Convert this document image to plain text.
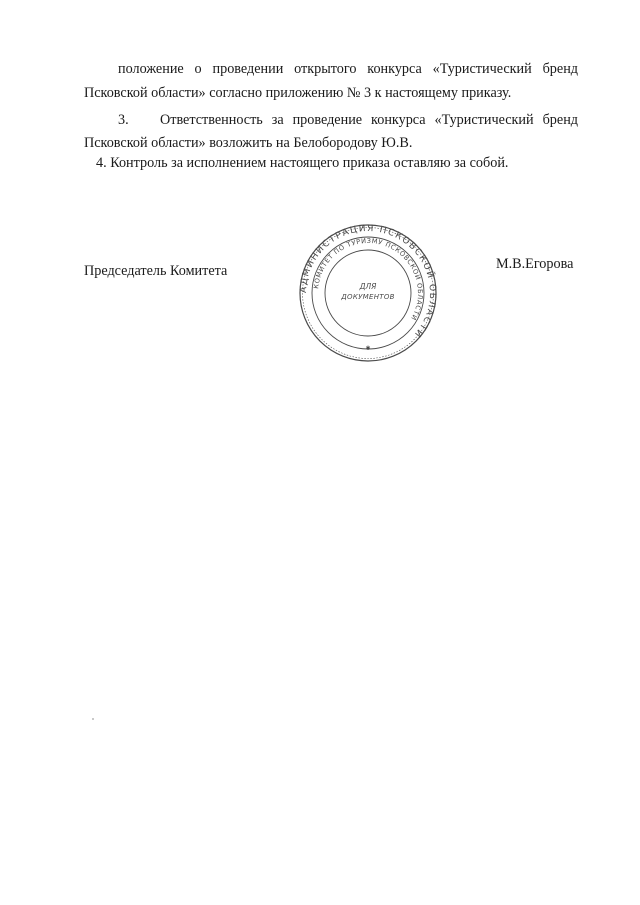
положение о проведении открытого конкурса «Туристический бренд
Псковской области» согласно приложению № 3 к настоящему приказу.
3. Ответственность за проведение конкурса «Туристический бренд
Псковской области» возложить на Белобородову Ю.В.
4. Контроль за исполнением настоящего приказа оставляю за собой.
Председатель Комитета	М.В.Егорова
АДМИНИСТРАЦИЯ ПСКОВСКОЙ ОБЛАСТИ
КОМИТЕТ ПО ТУРИЗМУ ПСКОВСКОЙ ОБЛАСТИ
ДЛЯ
ДОКУМЕНТОВ
✱
